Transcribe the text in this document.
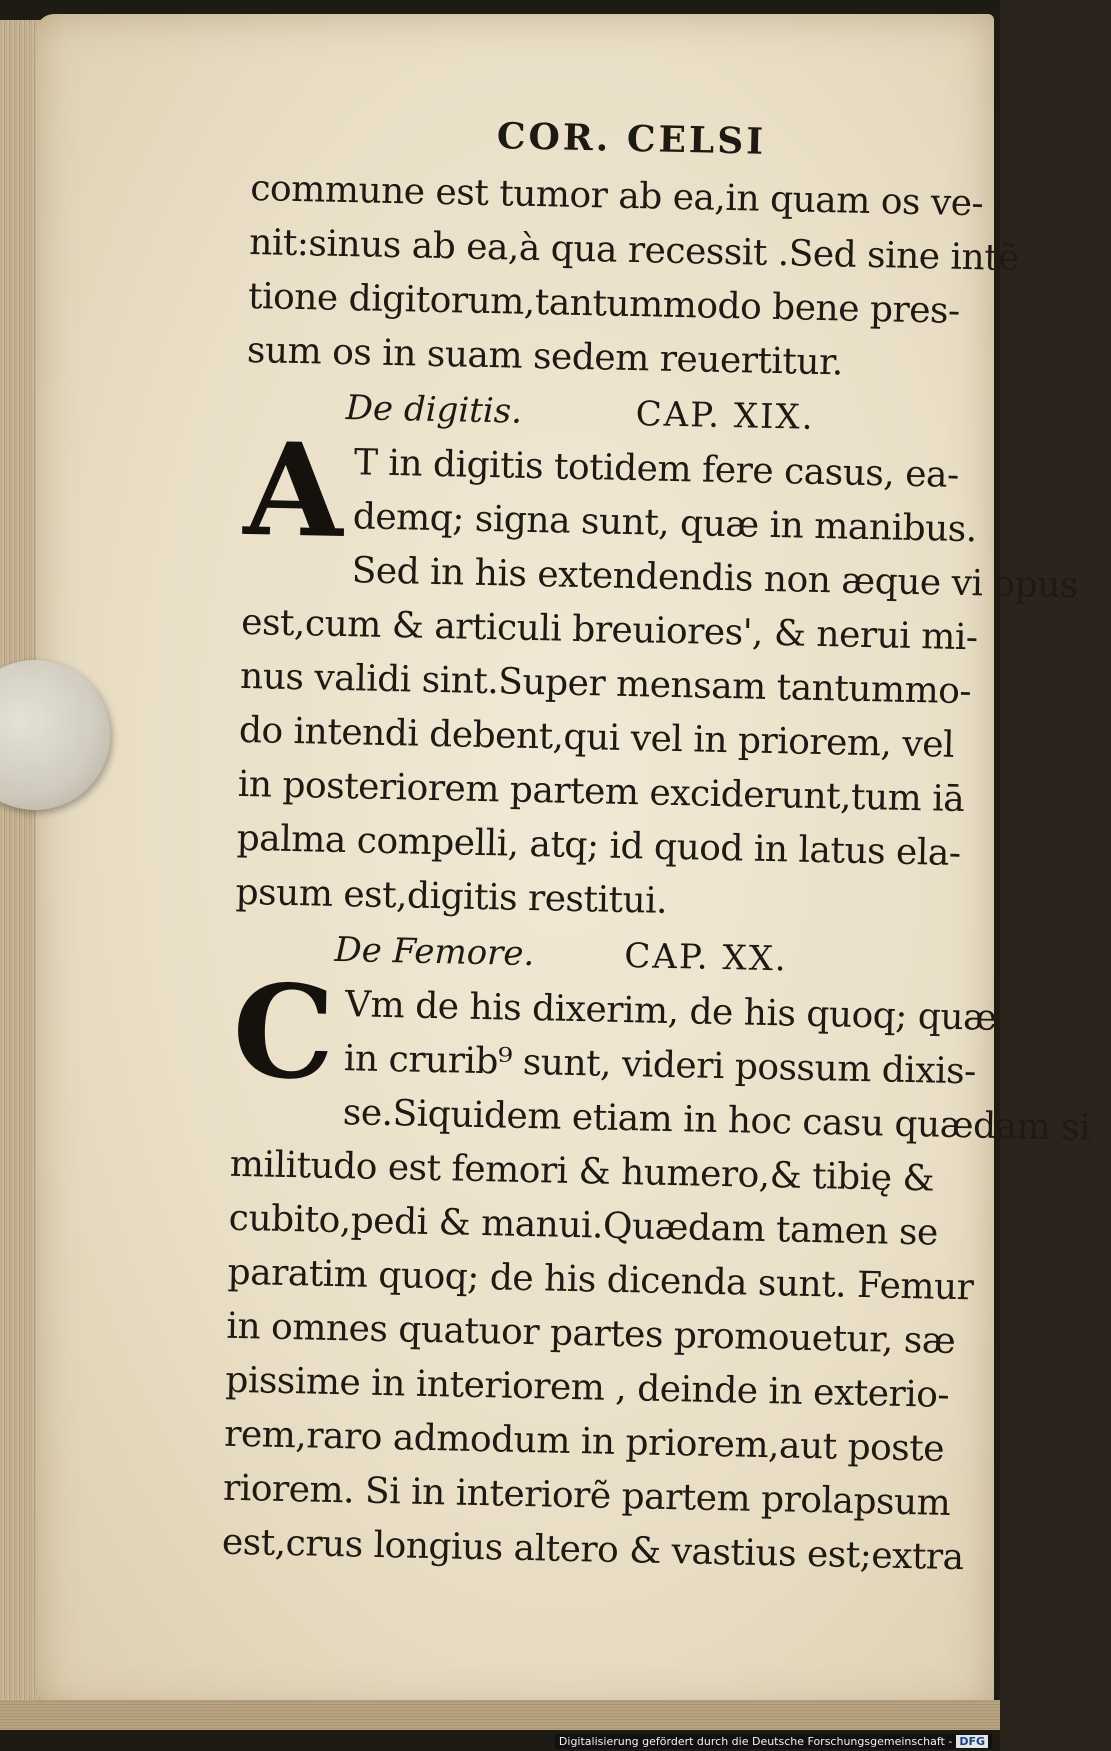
COR. CELSI
commune est tumor ab ea,in quam os ve-
nit:sinus ab ea,à qua recessit .Sed sine intẽ
tione digitorum,tantummodo bene pres-
sum os in suam sedem reuertitur.
De digitis.	CAP. XIX.
A T in digitis totidem fere casus, ea-
demq; signa sunt, quæ in manibus.
Sed in his extendendis non æque vi opus
est,cum & articuli breuiores', & nerui mi-
nus validi sint.Super mensam tantummo-
do intendi debent,qui vel in priorem, vel
in posteriorem partem exciderunt,tum iā
palma compelli, atq; id quod in latus ela-
psum est,digitis restitui.
De Femore.	CAP. XX.
C Vm de his dixerim, de his quoq; quæ
in crurib⁹ sunt, videri possum dixis-
se.Siquidem etiam in hoc casu quædam si
militudo est femori & humero,& tibię &
cubito,pedi & manui.Quædam tamen se
paratim quoq; de his dicenda sunt. Femur
in omnes quatuor partes promouetur, sæ
pissime in interiorem , deinde in exterio-
rem,raro admodum in priorem,aut poste
riorem. Si in interiorẽ partem prolapsum
est,crus longius altero & vastius est;extra
Digitalisierung gefördert durch die Deutsche Forschungsgemeinschaft - DFG
